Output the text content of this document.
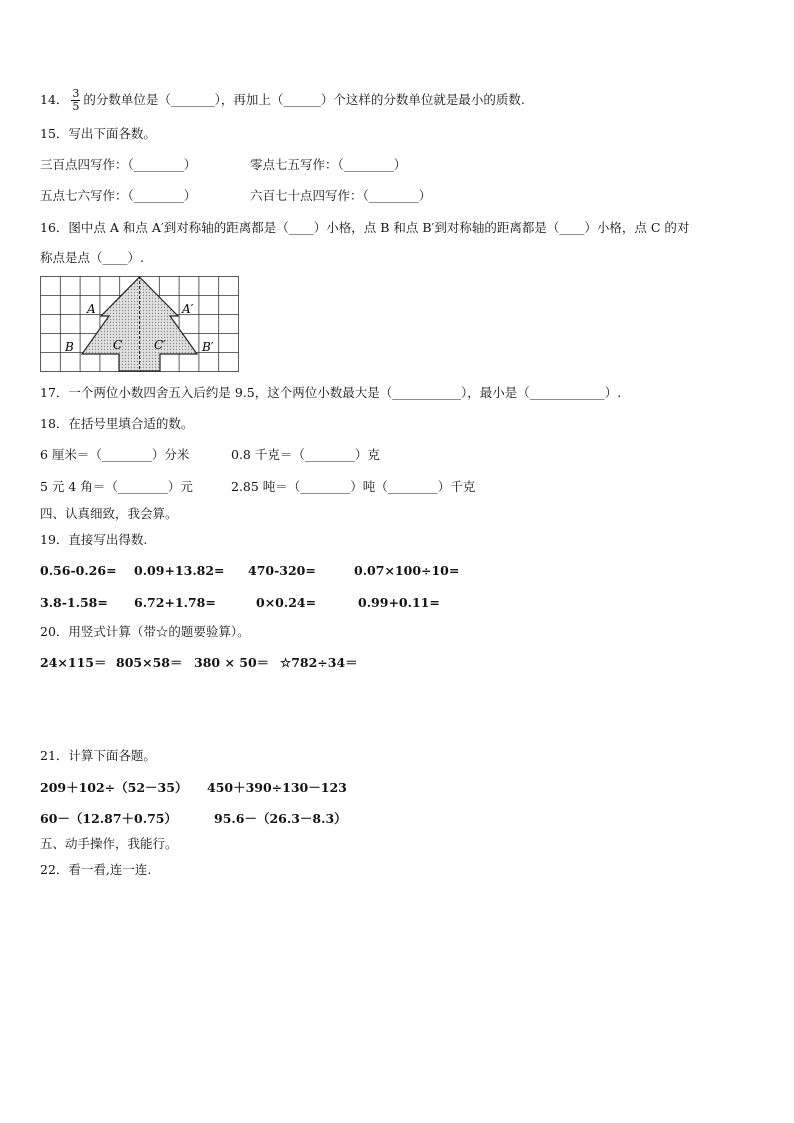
14． $\frac{3}{5}$ 的分数单位是（_______），再加上（______）个这样的分数单位就是最小的质数.
15．写出下面各数。
三百点四写作：（________）	零点七五写作：（________）
五点七六写作：（________）	六百七十点四写作：（________）
16．图中点 A 和点 A′到对称轴的距离都是（____）小格，点 B 和点 B′到对称轴的距离都是（____）小格，点 C 的对
称点是点（____）.
A	A′
B	B′
C	C′
17．一个两位小数四舍五入后约是 9.5，这个两位小数最大是（___________），最小是（____________）.
18．在括号里填合适的数。
6 厘米＝（________）分米	0.8 千克＝（________）克
5 元 4 角＝（________）元	2.85 吨＝（________）吨（________）千克
四、认真细致，我会算。
19．直接写出得数.
0.56-0.26= 0.09+13.82= 470-320=	0.07×100÷10=
3.8-1.58= 6.72+1.78=	0×0.24=	0.99+0.11=
20．用竖式计算（带☆的题要验算）。
24×115＝ 805×58＝ 380 × 50＝ ☆782÷34＝
21．计算下面各题。
209＋102÷（52－35） 450＋390÷130－123
60－（12.87＋0.75）	95.6－（26.3－8.3）
五、动手操作，我能行。
22．看一看,连一连.
